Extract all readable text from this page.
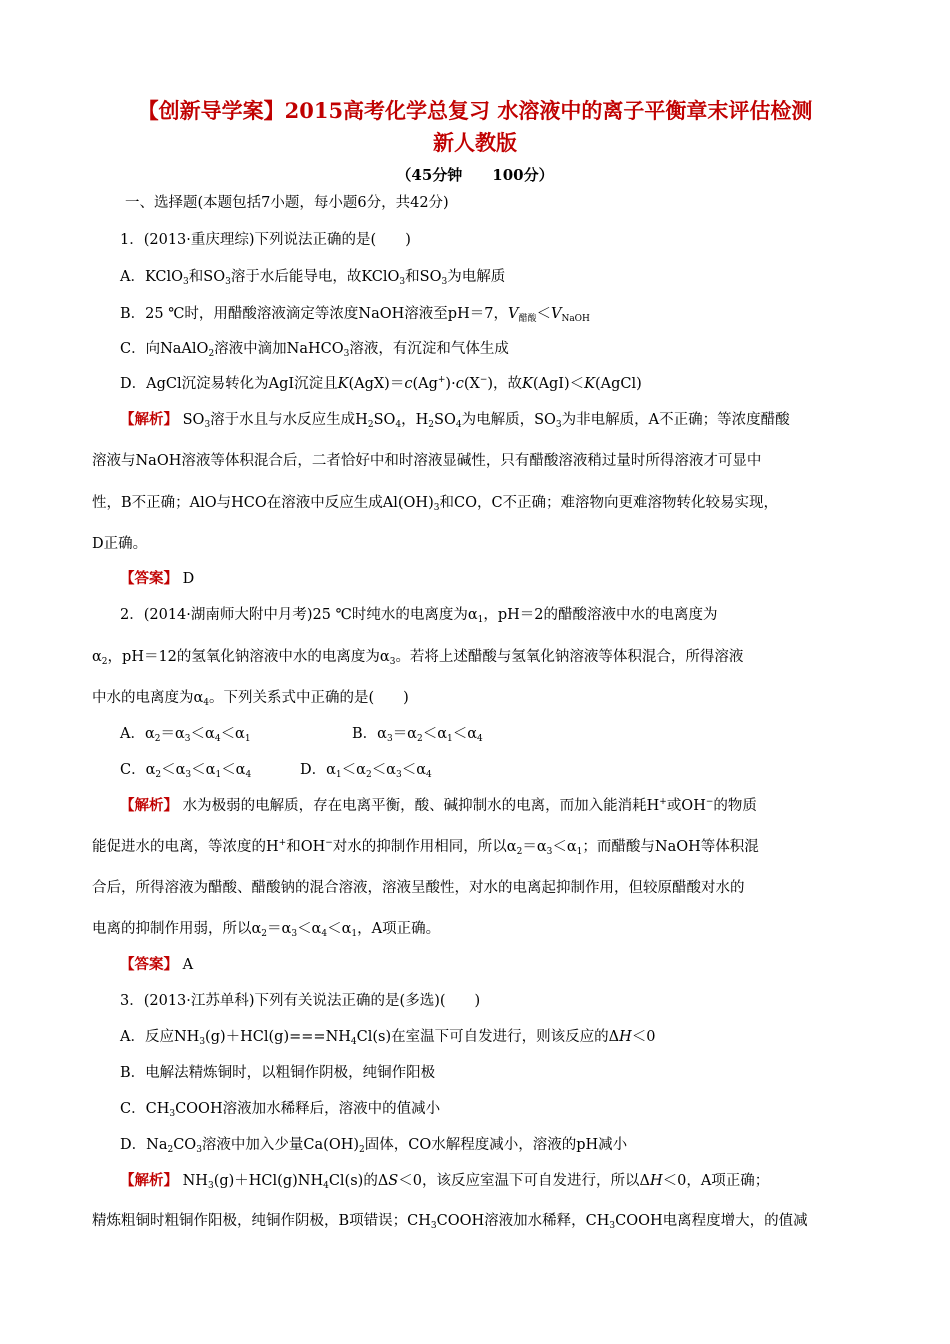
【创新导学案】2015高考化学总复习 水溶液中的离子平衡章末评估检测
新人教版
（45分钟　　100分）
一、选择题(本题包括7小题，每小题6分，共42分)
1．(2013·重庆理综)下列说法正确的是(　　)
A．KClO$_3$和$SO_3$溶于水后能导电，故KClO$_3$和$SO_3$为电解质
B．25 ℃时，用醋酸溶液滴定等浓度NaOH溶液至pH＝7，$V_{醋酸}<V_{NaOH}$
C．向NaAlO$_2$溶液中滴加NaHCO$_3$溶液，有沉淀和气体生成
D．AgCl沉淀易转化为AgI沉淀且K(AgX)＝c(Ag+)·c(X−)，故K(AgI)＜K(AgCl)
【解析】 $SO_3$溶于水且与水反应生成$H_2SO_4$，$H_2SO_4$为电解质，$SO_3$为非电解质，A不正确；等浓度醋酸
溶液与NaOH溶液等体积混合后，二者恰好中和时溶液显碱性，只有醋酸溶液稍过量时所得溶液才可显中
性，B不正确；AlO与HCO在溶液中反应生成$Al(OH)_3$和CO，C不正确；难溶物向更难溶物转化较易实现，
D正确。
【答案】 D
2．(2014·湖南师大附中月考)25 ℃时纯水的电离度为$\alpha_1$，pH＝2的醋酸溶液中水的电离度为
$\alpha_2$，pH＝12的氢氧化钠溶液中水的电离度为$\alpha_3$。若将上述醋酸与氢氧化钠溶液等体积混合，所得溶液
中水的电离度为$\alpha_4$。下列关系式中正确的是(　　)
A．$\alpha_2=\alpha_3<\alpha_4<\alpha_1$	B．$\alpha_3=\alpha_2<\alpha_1<\alpha_4$
C．$\alpha_2<\alpha_3<\alpha_1<\alpha_4$	D．$\alpha_1<\alpha_2<\alpha_3<\alpha_4$
【解析】 水为极弱的电解质，存在电离平衡，酸、碱抑制水的电离，而加入能消耗H+或OH−的物质
能促进水的电离，等浓度的H+和OH−对水的抑制作用相同，所以$\alpha_2=\alpha_3<\alpha_1$；而醋酸与NaOH等体积混
合后，所得溶液为醋酸、醋酸钠的混合溶液，溶液呈酸性，对水的电离起抑制作用，但较原醋酸对水的
电离的抑制作用弱，所以$\alpha_2=\alpha_3<\alpha_4<\alpha_1$，A项正确。
【答案】 A
3．(2013·江苏单科)下列有关说法正确的是(多选)(　　)
A．反应$NH_3(g)+HCl(g)===NH_4Cl(s)$在室温下可自发进行，则该反应的ΔH＜0
B．电解法精炼铜时，以粗铜作阴极，纯铜作阳极
C．$CH_3COOH$溶液加水稀释后，溶液中的值减小
D．$Na_2CO_3$溶液中加入少量$Ca(OH)_2$固体，CO水解程度减小，溶液的pH减小
【解析】 $NH_3(g)+HCl(g)NH_4Cl(s)$的ΔS＜0，该反应室温下可自发进行，所以ΔH＜0，A项正确；
精炼粗铜时粗铜作阳极，纯铜作阴极，B项错误；$CH_3COOH$溶液加水稀释，$CH_3COOH$电离程度增大，的值减
